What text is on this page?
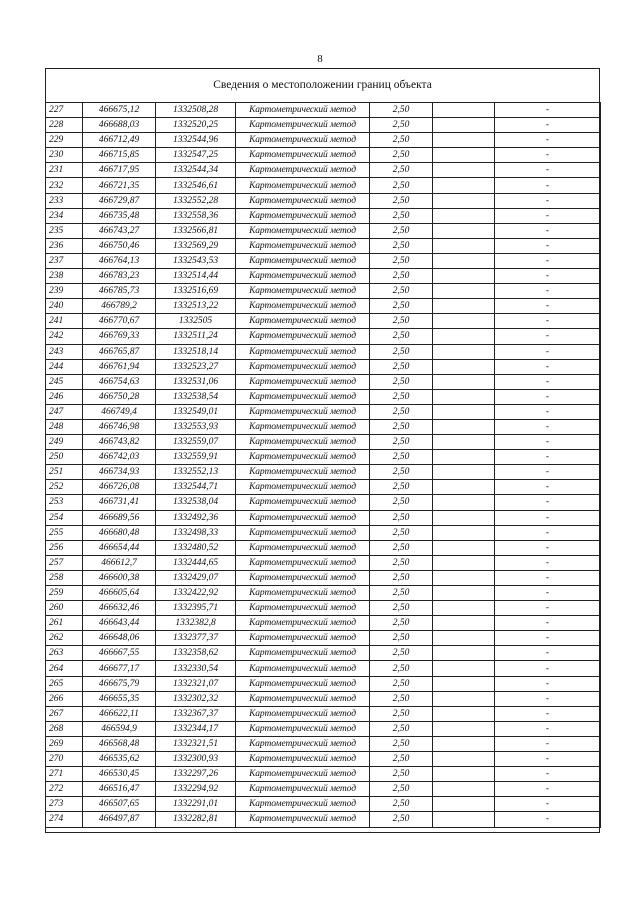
8
Сведения о местоположении границ объекта
227	466675,12	1332508,28	Картометрический метод	2,50		-
228	466688,03	1332520,25	Картометрический метод	2,50		-
229	466712,49	1332544,96	Картометрический метод	2,50		-
230	466715,85	1332547,25	Картометрический метод	2,50		-
231	466717,95	1332544,34	Картометрический метод	2,50		-
232	466721,35	1332546,61	Картометрический метод	2,50		-
233	466729,87	1332552,28	Картометрический метод	2,50		-
234	466735,48	1332558,36	Картометрический метод	2,50		-
235	466743,27	1332566,81	Картометрический метод	2,50		-
236	466750,46	1332569,29	Картометрический метод	2,50		-
237	466764,13	1332543,53	Картометрический метод	2,50		-
238	466783,23	1332514,44	Картометрический метод	2,50		-
239	466785,73	1332516,69	Картометрический метод	2,50		-
240	466789,2	1332513,22	Картометрический метод	2,50		-
241	466770,67	1332505	Картометрический метод	2,50		-
242	466769,33	1332511,24	Картометрический метод	2,50		-
243	466765,87	1332518,14	Картометрический метод	2,50		-
244	466761,94	1332523,27	Картометрический метод	2,50		-
245	466754,63	1332531,06	Картометрический метод	2,50		-
246	466750,28	1332538,54	Картометрический метод	2,50		-
247	466749,4	1332549,01	Картометрический метод	2,50		-
248	466746,98	1332553,93	Картометрический метод	2,50		-
249	466743,82	1332559,07	Картометрический метод	2,50		-
250	466742,03	1332559,91	Картометрический метод	2,50		-
251	466734,93	1332552,13	Картометрический метод	2,50		-
252	466726,08	1332544,71	Картометрический метод	2,50		-
253	466731,41	1332538,04	Картометрический метод	2,50		-
254	466689,56	1332492,36	Картометрический метод	2,50		-
255	466680,48	1332498,33	Картометрический метод	2,50		-
256	466654,44	1332480,52	Картометрический метод	2,50		-
257	466612,7	1332444,65	Картометрический метод	2,50		-
258	466600,38	1332429,07	Картометрический метод	2,50		-
259	466605,64	1332422,92	Картометрический метод	2,50		-
260	466632,46	1332395,71	Картометрический метод	2,50		-
261	466643,44	1332382,8	Картометрический метод	2,50		-
262	466648,06	1332377,37	Картометрический метод	2,50		-
263	466667,55	1332358,62	Картометрический метод	2,50		-
264	466677,17	1332330,54	Картометрический метод	2,50		-
265	466675,79	1332321,07	Картометрический метод	2,50		-
266	466655,35	1332302,32	Картометрический метод	2,50		-
267	466622,11	1332367,37	Картометрический метод	2,50		-
268	466594,9	1332344,17	Картометрический метод	2,50		-
269	466568,48	1332321,51	Картометрический метод	2,50		-
270	466535,62	1332300,93	Картометрический метод	2,50		-
271	466530,45	1332297,26	Картометрический метод	2,50		-
272	466516,47	1332294,92	Картометрический метод	2,50		-
273	466507,65	1332291,01	Картометрический метод	2,50		-
274	466497,87	1332282,81	Картометрический метод	2,50		-
